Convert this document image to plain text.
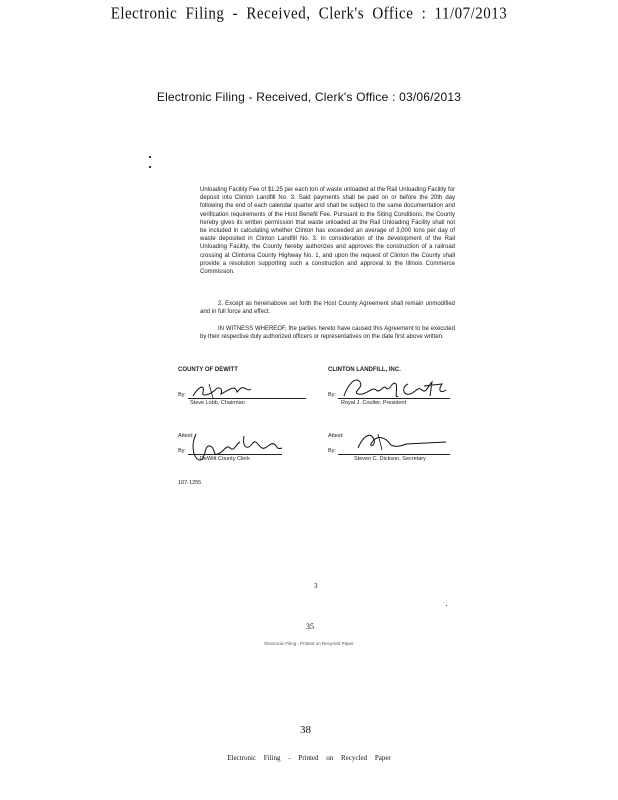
Electronic Filing - Received, Clerk's Office : 11/07/2013
Electronic Filing - Received, Clerk's Office : 03/06/2013
Unloading Facility Fee of $1.25 per each ton of waste unloaded at the Rail Unloading Facility for deposit into Clinton Landfill No. 3. Said payments shall be paid on or before the 20th day following the end of each calendar quarter and shall be subject to the same documentation and verification requirements of the Host Benefit Fee. Pursuant to the Siting Conditions, the County hereby gives its written permission that waste unloaded at the Rail Unloading Facility shall not be included in calculating whether Clinton has exceeded an average of 3,000 tons per day of waste deposited in Clinton Landfill No. 3. In consideration of the development of the Rail Unloading Facility, the County hereby authorizes and approves the construction of a railroad crossing at Clintonia County Highway No. 1, and upon the request of Clinton the County shall provide a resolution supporting such a construction and approval to the Illinois Commerce Commission.
2. Except as hereinabove set forth the Host County Agreement shall remain unmodified and in full force and effect.
IN WITNESS WHEREOF, the parties hereto have caused this Agreement to be executed by their respective duly authorized officers or representatives on the date first above written.
COUNTY OF DEWITT
By:
Steve Lobb, Chairman
CLINTON LANDFILL, INC.
By:
Royal J. Coulter, President
Attest:
By:
DeWitt County Clerk
Attest:
By:
Steven C. Dickson, Secretary
107-1255
3
35
Electronic Filing - Printed on Recycled Paper
38
Electronic Filing - Printed on Recycled Paper
